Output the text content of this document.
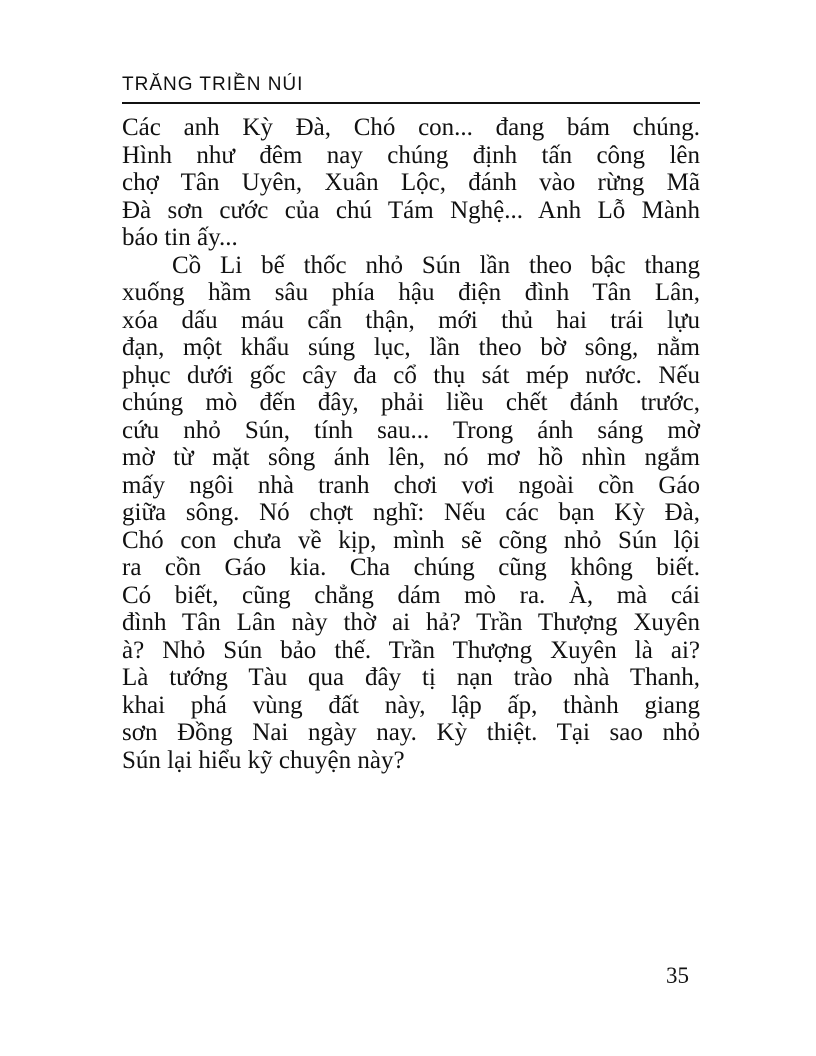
TRĂNG TRIỀN NÚI
Các anh Kỳ Đà, Chó con... đang bám chúng.
Hình như đêm nay chúng định tấn công lên
chợ Tân Uyên, Xuân Lộc, đánh vào rừng Mã
Đà sơn cước của chú Tám Nghệ... Anh Lỗ Mành
báo tin ấy...
Cồ Li bế thốc nhỏ Sún lần theo bậc thang
xuống hầm sâu phía hậu điện đình Tân Lân,
xóa dấu máu cẩn thận, mới thủ hai trái lựu
đạn, một khẩu súng lục, lần theo bờ sông, nằm
phục dưới gốc cây đa cổ thụ sát mép nước. Nếu
chúng mò đến đây, phải liều chết đánh trước,
cứu nhỏ Sún, tính sau... Trong ánh sáng mờ
mờ từ mặt sông ánh lên, nó mơ hồ nhìn ngắm
mấy ngôi nhà tranh chơi vơi ngoài cồn Gáo
giữa sông. Nó chợt nghĩ: Nếu các bạn Kỳ Đà,
Chó con chưa về kịp, mình sẽ cõng nhỏ Sún lội
ra cồn Gáo kia. Cha chúng cũng không biết.
Có biết, cũng chẳng dám mò ra. À, mà cái
đình Tân Lân này thờ ai hả? Trần Thượng Xuyên
à? Nhỏ Sún bảo thế. Trần Thượng Xuyên là ai?
Là tướng Tàu qua đây tị nạn trào nhà Thanh,
khai phá vùng đất này, lập ấp, thành giang
sơn Đồng Nai ngày nay. Kỳ thiệt. Tại sao nhỏ
Sún lại hiểu kỹ chuyện này?
35
